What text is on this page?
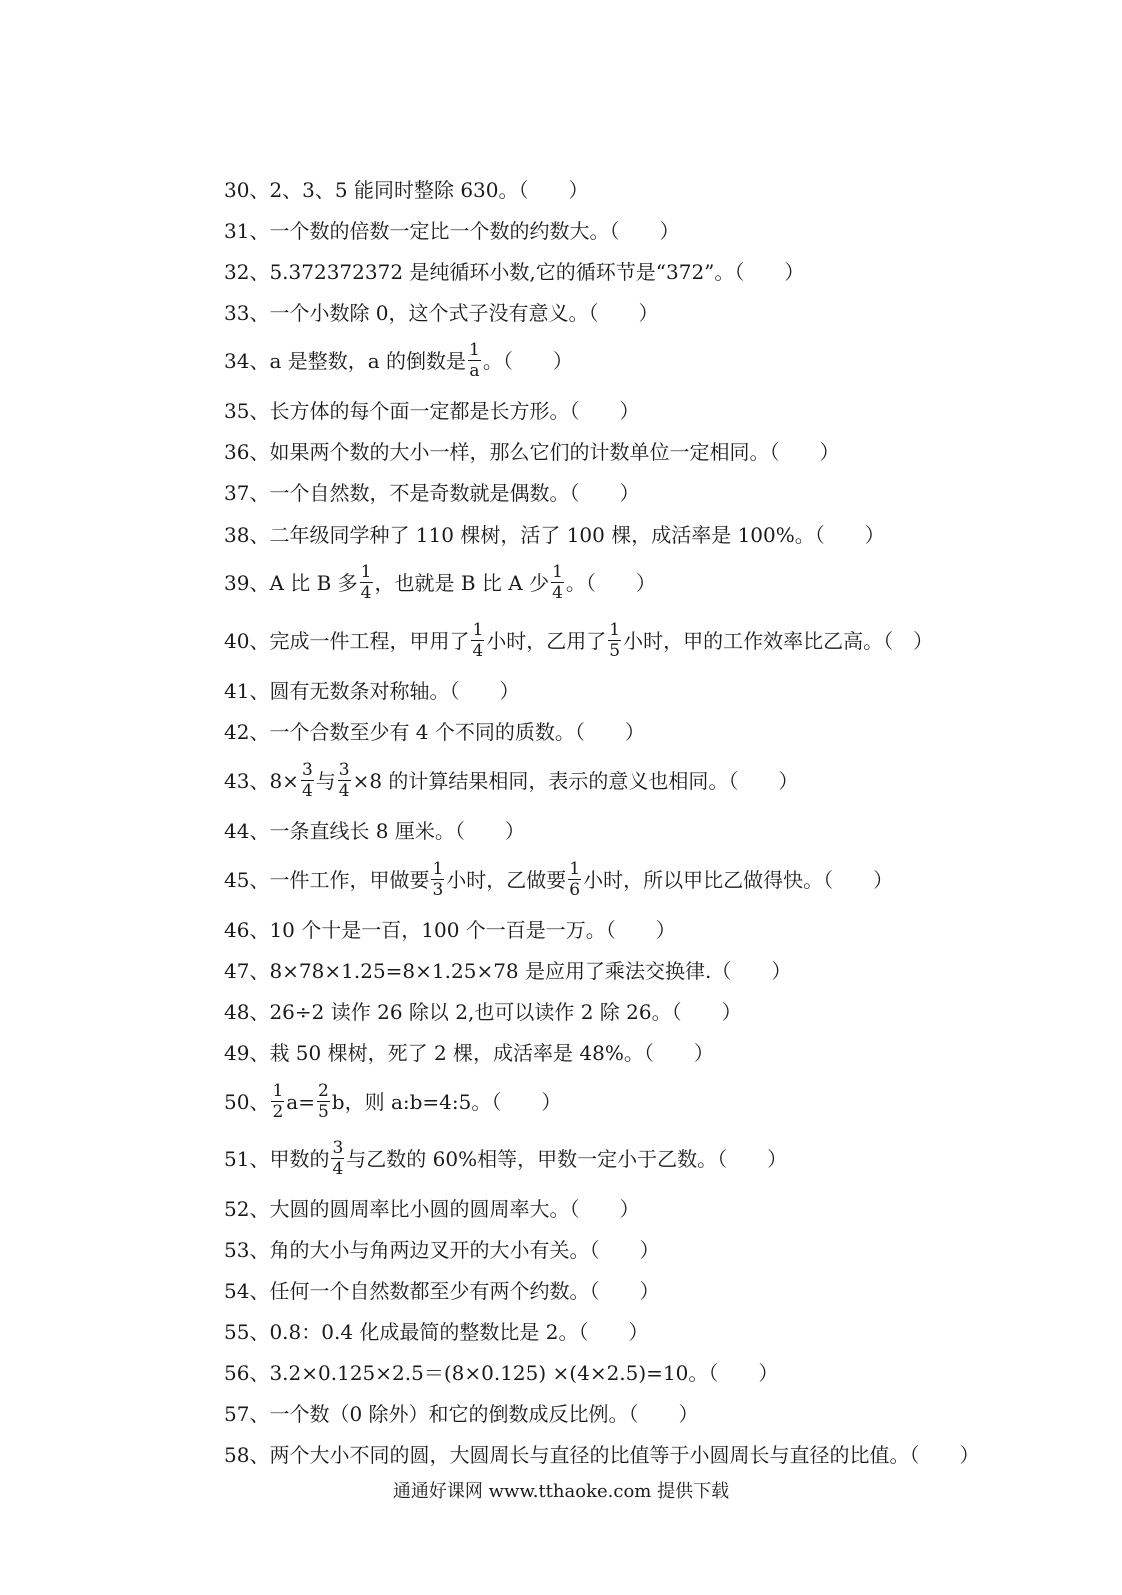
30、2、3、5 能同时整除 630。（　　）
31、一个数的倍数一定比一个数的约数大。（　　）
32、5.372372372 是纯循环小数,它的循环节是“372”。（　　）
33、一个小数除 0，这个式子没有意义。（　　）
34、a 是整数，a 的倒数是 $\frac{1}{a}$ 。（　　）
35、长方体的每个面一定都是长方形。（　　）
36、如果两个数的大小一样，那么它们的计数单位一定相同。（　　）
37、一个自然数，不是奇数就是偶数。（　　）
38、二年级同学种了 110 棵树，活了 100 棵，成活率是 100%。（　　）
39、A 比 B 多 $\frac{1}{4}$ ，也就是 B 比 A 少 $\frac{1}{4}$ 。（　　）
40、完成一件工程，甲用了 $\frac{1}{4}$ 小时，乙用了 $\frac{1}{5}$ 小时，甲的工作效率比乙高。（　）
41、圆有无数条对称轴。（　　）
42、一个合数至少有 4 个不同的质数。（　　）
43、$8\times \frac{3}{4}$ 与 $\frac{3}{4} \times 8$ 的计算结果相同，表示的意义也相同。（　　）
44、一条直线长 8 厘米。（　　）
45、一件工作，甲做要 $\frac{1}{3}$ 小时，乙做要 $\frac{1}{6}$ 小时，所以甲比乙做得快。（　　）
46、10 个十是一百，100 个一百是一万。（　　）
47、8×78×1.25=8×1.25×78 是应用了乘法交换律.（　　）
48、26÷2 读作 26 除以 2,也可以读作 2 除 26。（　　）
49、栽 50 棵树，死了 2 棵，成活率是 48%。（　　）
50、 $\frac{1}{2} a= \frac{2}{5}$ b，则 a:b=4:5。（　　）
51、甲数的 $\frac{3}{4}$ 与乙数的 60%相等，甲数一定小于乙数。（　　）
52、大圆的圆周率比小圆的圆周率大。（　　）
53、角的大小与角两边叉开的大小有关。（　　）
54、任何一个自然数都至少有两个约数。（　　）
55、0.8：0.4 化成最简的整数比是 2。（　　）
56、3.2×0.125×2.5＝(8×0.125) ×(4×2.5)=10。（　　）
57、一个数（0 除外）和它的倒数成反比例。（　　）
58、两个大小不同的圆，大圆周长与直径的比值等于小圆周长与直径的比值。（　　）
通通好课网 www.tthaoke.com 提供下载
